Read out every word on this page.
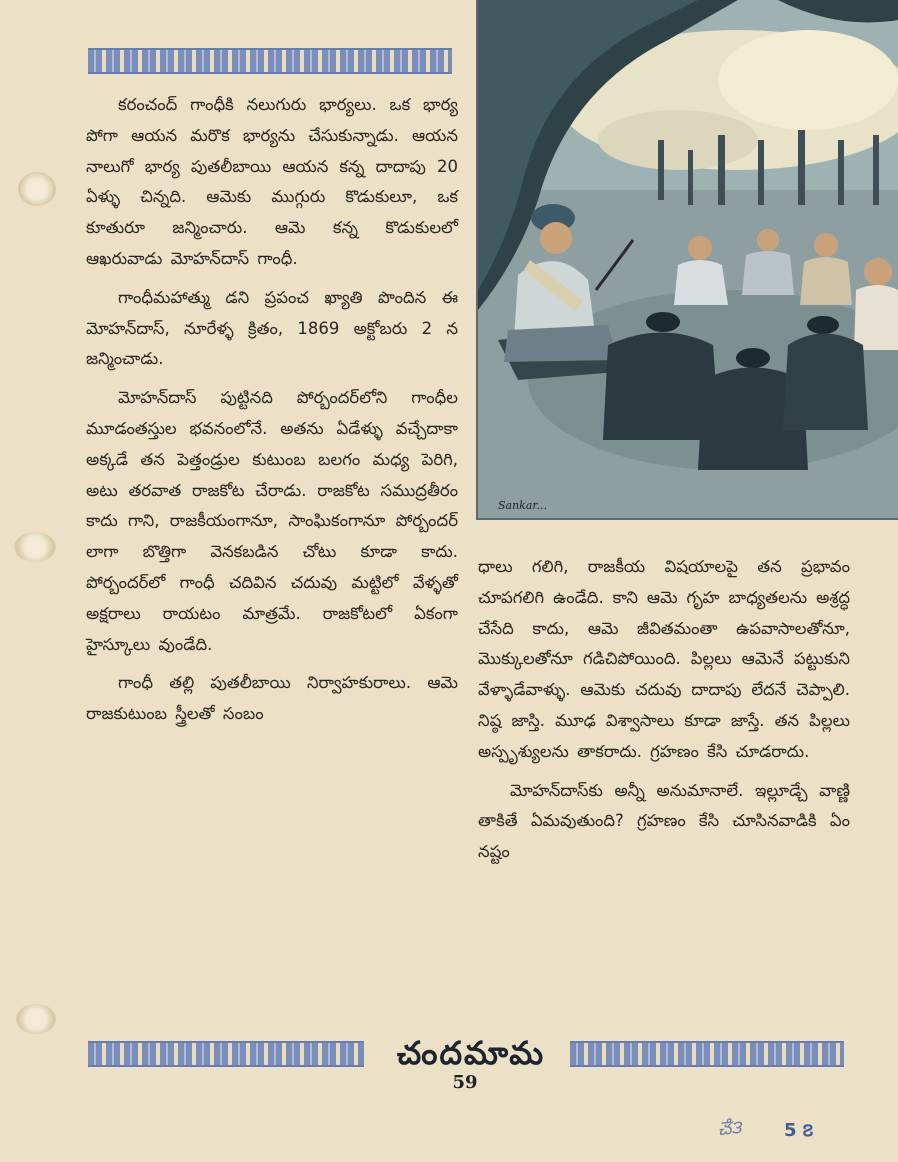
కరంచంద్ గాంధీకి నలుగురు భార్యలు. ఒక భార్య పోగా ఆయన మరొక భార్యను చేసుకున్నాడు. ఆయన నాలుగో భార్య పుతలీబాయి ఆయన కన్న దాదాపు 20 ఏళ్ళు చిన్నది. ఆమెకు ముగ్గురు కొడుకులూ, ఒక కూతురూ జన్మించారు. ఆమె కన్న కొడుకులలో ఆఖరువాడు మోహన్‌దాస్ గాంధీ.

గాంధీమహాత్ము డని ప్రపంచ ఖ్యాతి పొందిన ఈ మోహన్‌దాస్, నూరేళ్ళ క్రితం, 1869 అక్టోబరు 2 న జన్మించాడు.

మోహన్‌దాస్ పుట్టినది పోర్బందర్‌లోని గాంధీల మూడంతస్తుల భవనంలోనే. అతను ఏడేళ్ళు వచ్చేదాకా అక్కడే తన పెత్తండ్రుల కుటుంబ బలగం మధ్య పెరిగి, అటు తరవాత రాజకోట చేరాడు. రాజకోట సముద్రతీరం కాదు గాని, రాజకీయంగానూ, సాంఘికంగానూ పోర్బందర్ లాగా బొత్తిగా వెనకబడిన చోటు కూడా కాదు. పోర్బందర్‌లో గాంధీ చదివిన చదువు మట్టిలో వేళ్ళతో అక్షరాలు రాయటం మాత్రమే. రాజకోటలో ఏకంగా హైస్కూలు వుండేది.

గాంధీ తల్లి పుతలీబాయి నిర్వాహకురాలు. ఆమె రాజకుటుంబ స్త్రీలతో సంబం

Sankar...

ధాలు గలిగి, రాజకీయ విషయాలపై తన ప్రభావం చూపగలిగి ఉండేది. కాని ఆమె గృహ బాధ్యతలను అశ్రద్ధ చేసేది కాదు, ఆమె జీవితమంతా ఉపవాసాలతోనూ, మొక్కులతోనూ గడిచిపోయింది. పిల్లలు ఆమెనే పట్టుకుని వేళ్ళాడేవాళ్ళు. ఆమెకు చదువు దాదాపు లేదనే చెప్పాలి. నిష్ఠ జాస్తి. మూఢ విశ్వాసాలు కూడా జాస్తే. తన పిల్లలు అస్పృశ్యులను తాకరాదు. గ్రహణం కేసి చూడరాదు.

మోహన్‌దాస్‌కు అన్నీ అనుమానాలే. ఇల్లూడ్చే వాణ్ణి తాకితే ఏమవుతుంది? గ్రహణం కేసి చూసినవాడికి ఏం నష్టం

చందమామ
59
ౘ౩ 5 ౭
